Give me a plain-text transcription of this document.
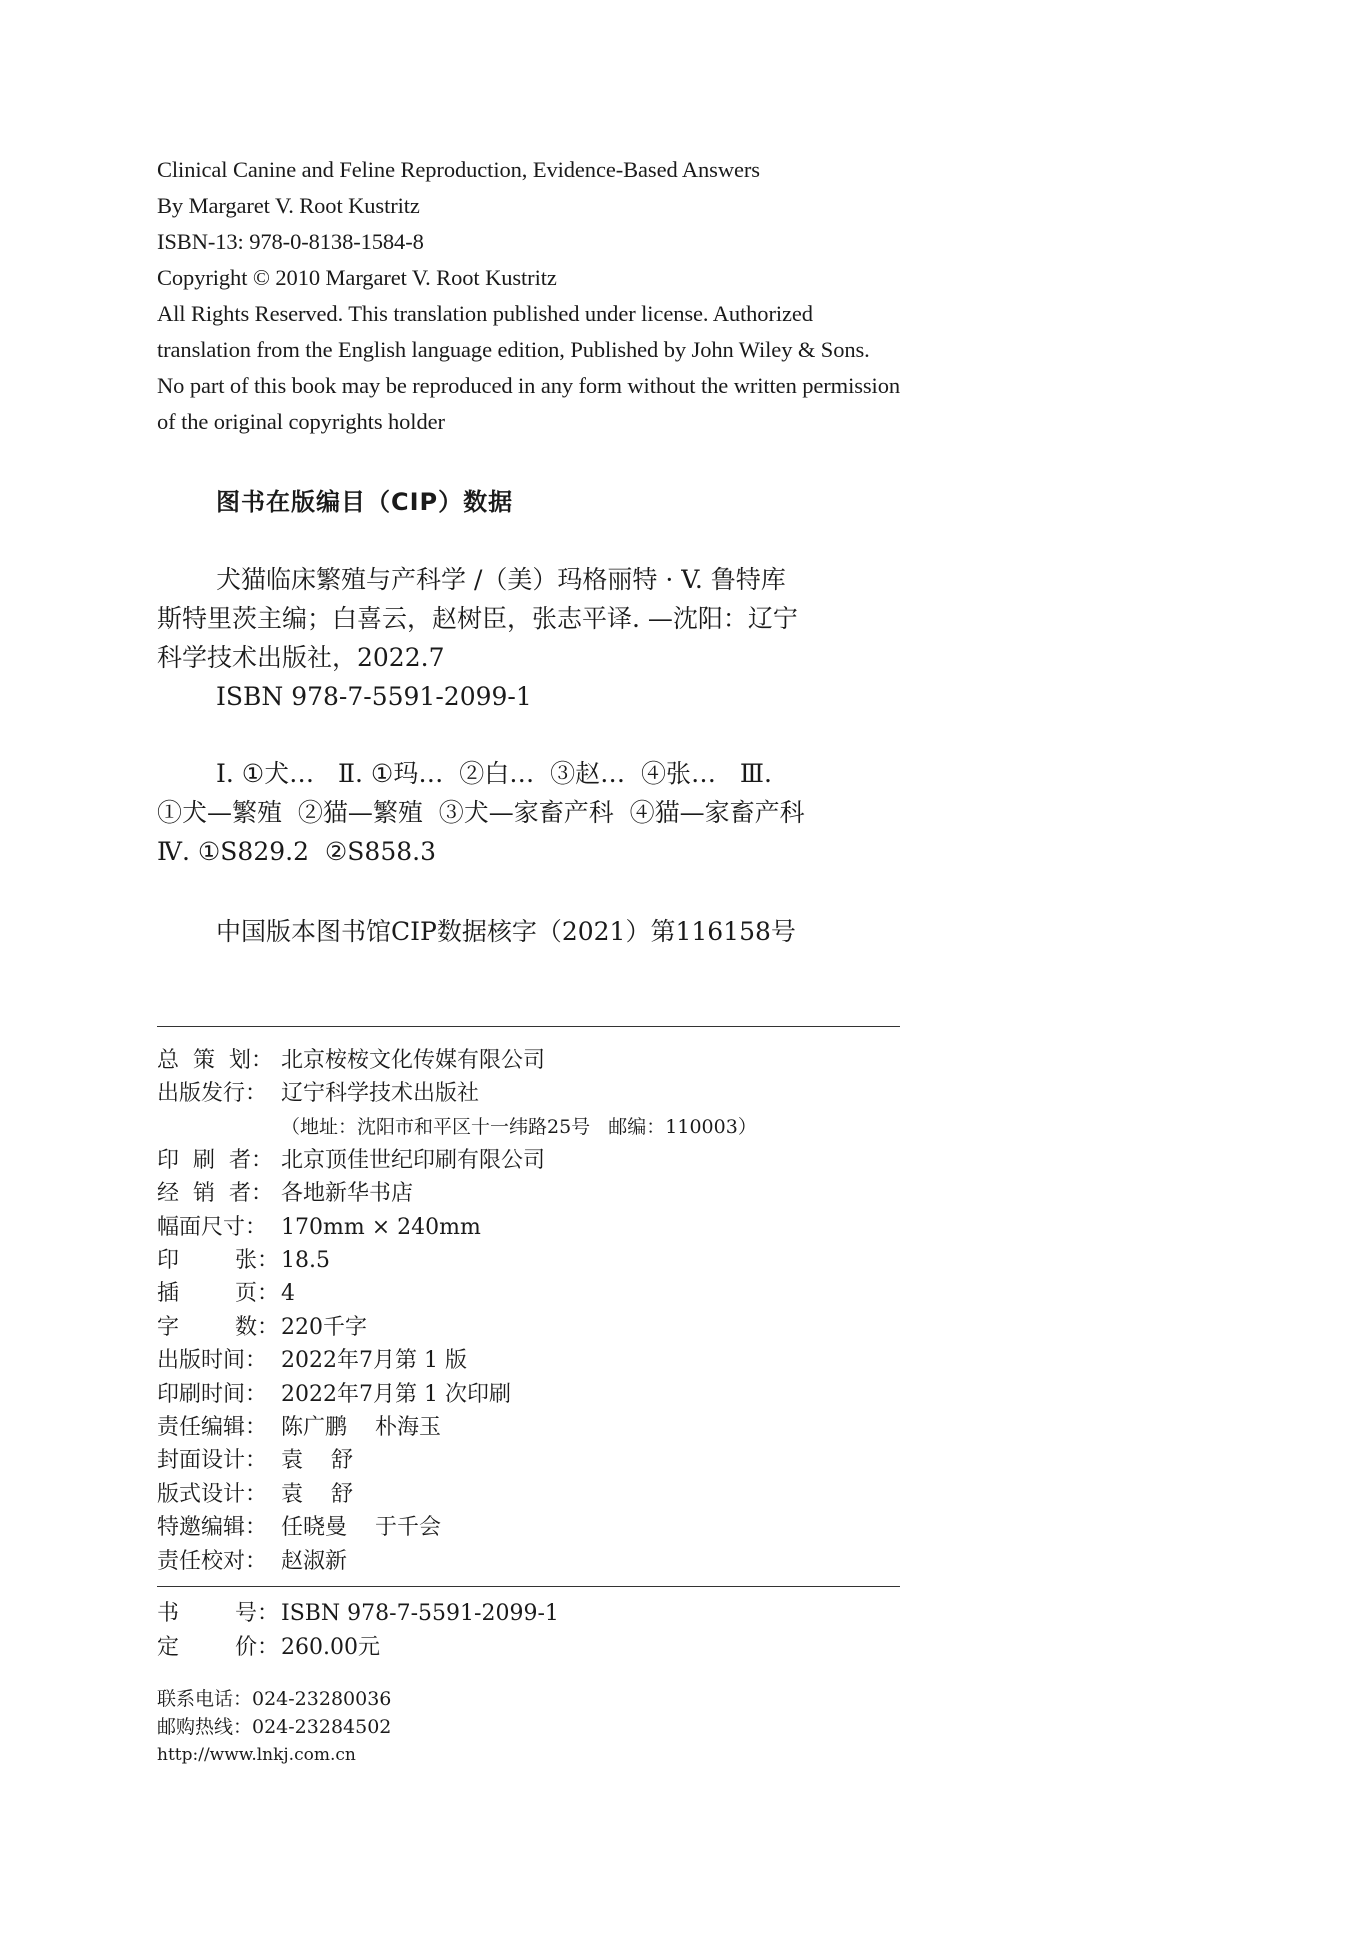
Clinical Canine and Feline Reproduction, Evidence-Based Answers
By Margaret V. Root Kustritz
ISBN-13: 978-0-8138-1584-8
Copyright © 2010 Margaret V. Root Kustritz
All Rights Reserved. This translation published under license. Authorized
translation from the English language edition, Published by John Wiley & Sons.
No part of this book may be reproduced in any form without the written permission
of the original copyrights holder
图书在版编目（CIP）数据
犬猫临床繁殖与产科学 /（美）玛格丽特 · V. 鲁特库
斯特里茨主编；白喜云，赵树臣，张志平译. —沈阳：辽宁
科学技术出版社，2022.7
ISBN 978-7-5591-2099-1
Ⅰ. ①犬…   Ⅱ. ①玛…  ②白…  ③赵…  ④张…   Ⅲ.
①犬—繁殖  ②猫—繁殖  ③犬—家畜产科  ④猫—家畜产科
Ⅳ. ①S829.2  ②S858.3
中国版本图书馆CIP数据核字（2021）第116158号
总  策  划： 北京桉桉文化传媒有限公司
出版发行： 辽宁科学技术出版社
（地址：沈阳市和平区十一纬路25号   邮编：110003）
印  刷  者： 北京顶佳世纪印刷有限公司
经  销  者： 各地新华书店
幅面尺寸： 170mm × 240mm
印        张： 18.5
插        页： 4
字        数： 220千字
出版时间： 2022年7月第 1 版
印刷时间： 2022年7月第 1 次印刷
责任编辑： 陈广鹏    朴海玉
封面设计： 袁    舒
版式设计： 袁    舒
特邀编辑： 任晓曼    于千会
责任校对： 赵淑新
书        号： ISBN 978-7-5591-2099-1
定        价： 260.00元
联系电话：024-23280036
邮购热线：024-23284502
http://www.lnkj.com.cn
